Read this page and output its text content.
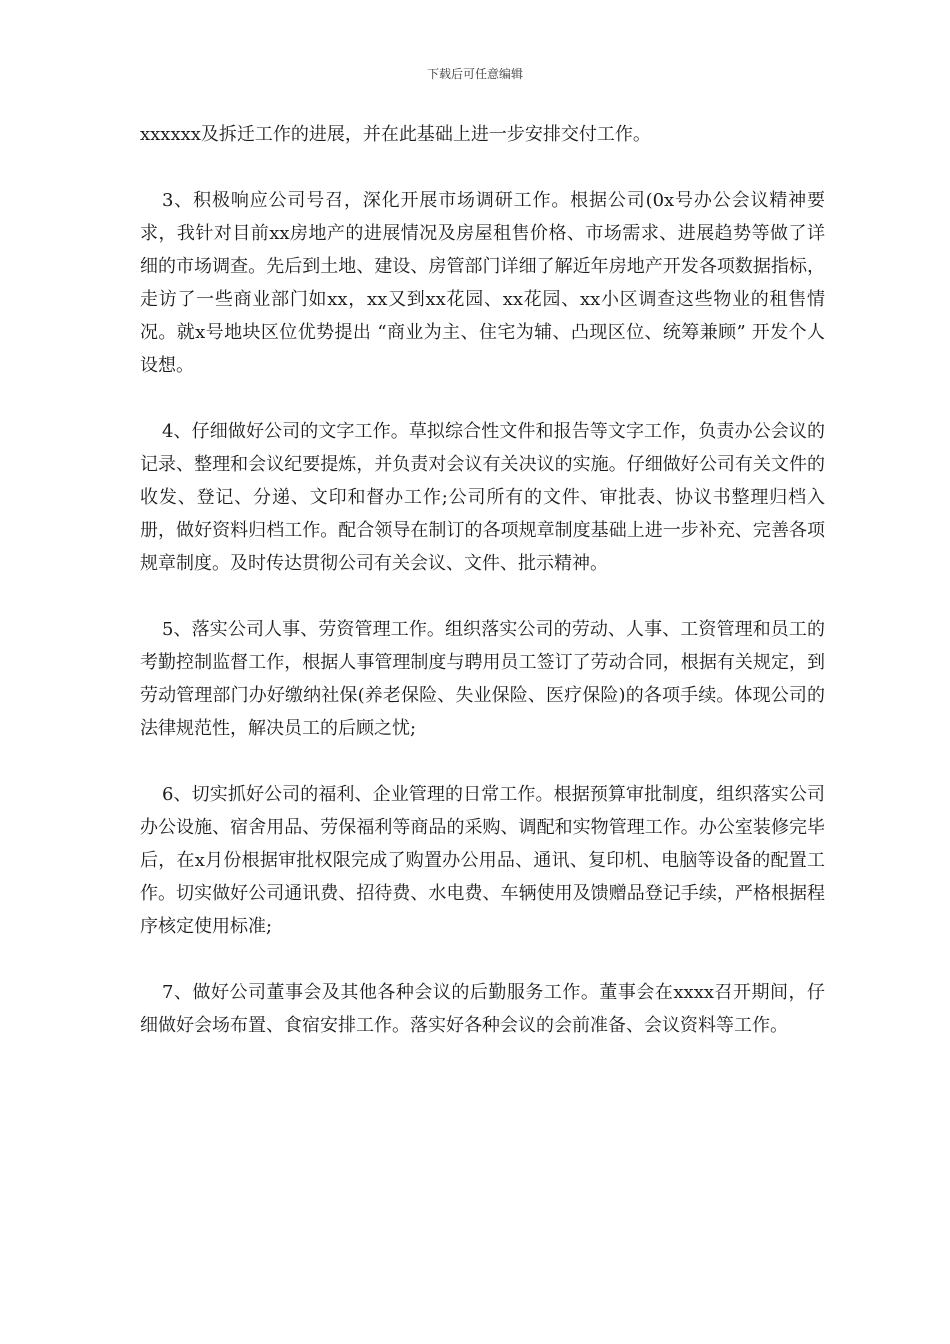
下载后可任意编辑

xxxxxx及拆迁工作的进展，并在此基础上进一步安排交付工作。

3、积极响应公司号召，深化开展市场调研工作。根据公司(0x号办公会议精神要求，我针对目前xx房地产的进展情况及房屋租售价格、市场需求、进展趋势等做了详细的市场调查。先后到土地、建设、房管部门详细了解近年房地产开发各项数据指标，走访了一些商业部门如xx，xx又到xx花园、xx花园、xx小区调查这些物业的租售情况。就x号地块区位优势提出 “商业为主、住宅为辅、凸现区位、统筹兼顾” 开发个人设想。

4、仔细做好公司的文字工作。草拟综合性文件和报告等文字工作，负责办公会议的记录、整理和会议纪要提炼，并负责对会议有关决议的实施。仔细做好公司有关文件的收发、登记、分递、文印和督办工作;公司所有的文件、审批表、协议书整理归档入册，做好资料归档工作。配合领导在制订的各项规章制度基础上进一步补充、完善各项规章制度。及时传达贯彻公司有关会议、文件、批示精神。

5、落实公司人事、劳资管理工作。组织落实公司的劳动、人事、工资管理和员工的考勤控制监督工作，根据人事管理制度与聘用员工签订了劳动合同，根据有关规定，到劳动管理部门办好缴纳社保(养老保险、失业保险、医疗保险)的各项手续。体现公司的法律规范性，解决员工的后顾之忧;

6、切实抓好公司的福利、企业管理的日常工作。根据预算审批制度，组织落实公司办公设施、宿舍用品、劳保福利等商品的采购、调配和实物管理工作。办公室装修完毕后，在x月份根据审批权限完成了购置办公用品、通讯、复印机、电脑等设备的配置工作。切实做好公司通讯费、招待费、水电费、车辆使用及馈赠品登记手续，严格根据程序核定使用标准;

7、做好公司董事会及其他各种会议的后勤服务工作。董事会在xxxx召开期间，仔细做好会场布置、食宿安排工作。落实好各种会议的会前准备、会议资料等工作。
